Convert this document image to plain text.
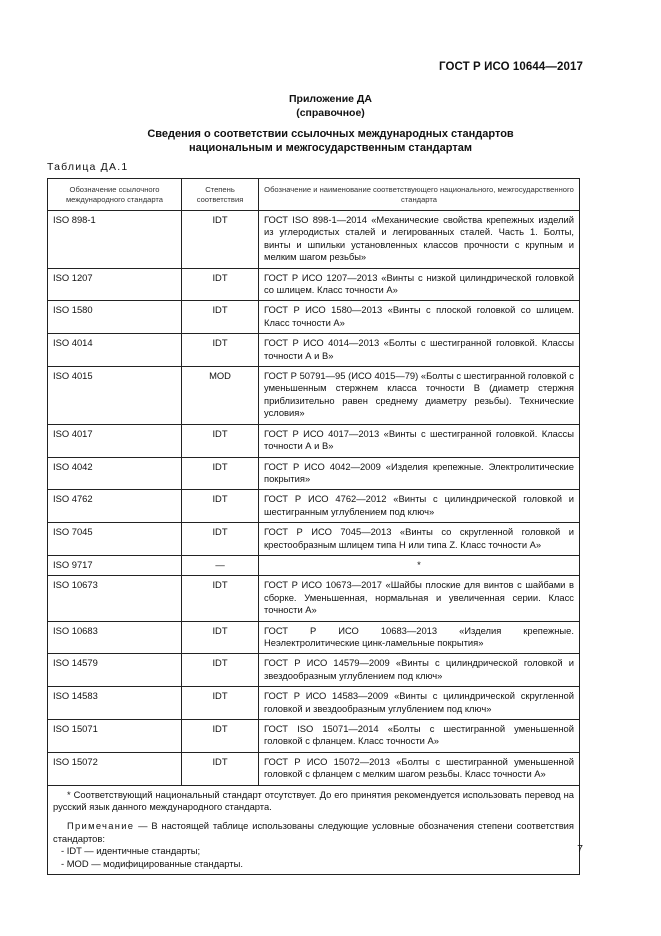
ГОСТ Р ИСО 10644—2017
Приложение ДА
(справочное)
Сведения о соответствии ссылочных международных стандартов
национальным и межгосударственным стандартам
Таблица ДА.1
Обозначение ссылочного международного стандарта	Степень соответствия	Обозначение и наименование соответствующего национального, межгосударственного стандарта
ISO 898-1	IDT	ГОСТ ISO 898-1—2014 «Механические свойства крепежных изделий из углеродистых сталей и легированных сталей. Часть 1. Болты, винты и шпильки установленных классов прочности с крупным и мелким шагом резьбы»
ISO 1207	IDT	ГОСТ Р ИСО 1207—2013 «Винты с низкой цилиндрической головкой со шлицем. Класс точности А»
ISO 1580	IDT	ГОСТ Р ИСО 1580—2013 «Винты с плоской головкой со шлицем. Класс точности А»
ISO 4014	IDT	ГОСТ Р ИСО 4014—2013 «Болты с шестигранной головкой. Классы точности А и В»
ISO 4015	MOD	ГОСТ Р 50791—95 (ИСО 4015—79) «Болты с шестигранной головкой с уменьшенным стержнем класса точности В (диаметр стержня приблизительно равен среднему диаметру резьбы). Технические условия»
ISO 4017	IDT	ГОСТ Р ИСО 4017—2013 «Винты с шестигранной головкой. Классы точности А и В»
ISO 4042	IDT	ГОСТ Р ИСО 4042—2009 «Изделия крепежные. Электролитические покрытия»
ISO 4762	IDT	ГОСТ Р ИСО 4762—2012 «Винты с цилиндрической головкой и шестигранным углублением под ключ»
ISO 7045	IDT	ГОСТ Р ИСО 7045—2013 «Винты со скругленной головкой и крестообразным шлицем типа Н или типа Z. Класс точности А»
ISO 9717	—	*
ISO 10673	IDT	ГОСТ Р ИСО 10673—2017 «Шайбы плоские для винтов с шайбами в сборке. Уменьшенная, нормальная и увеличенная серии. Класс точности А»
ISO 10683	IDT	ГОСТ Р ИСО 10683—2013 «Изделия крепежные. Неэлектролитические цинк-ламельные покрытия»
ISO 14579	IDT	ГОСТ Р ИСО 14579—2009 «Винты с цилиндрической головкой и звездообразным углублением под ключ»
ISO 14583	IDT	ГОСТ Р ИСО 14583—2009 «Винты с цилиндрической скругленной головкой и звездообразным углублением под ключ»
ISO 15071	IDT	ГОСТ ISO 15071—2014 «Болты с шестигранной уменьшенной головкой с фланцем. Класс точности А»
ISO 15072	IDT	ГОСТ Р ИСО 15072—2013 «Болты с шестигранной уменьшенной головкой с фланцем с мелким шагом резьбы. Класс точности А»

* Соответствующий национальный стандарт отсутствует. До его принятия рекомендуется использовать перевод на русский язык данного международного стандарта.

Примечание — В настоящей таблице использованы следующие условные обозначения степени соответствия стандартов:

- IDT — идентичные стандарты;

- MOD — модифицированные стандарты.		

7
